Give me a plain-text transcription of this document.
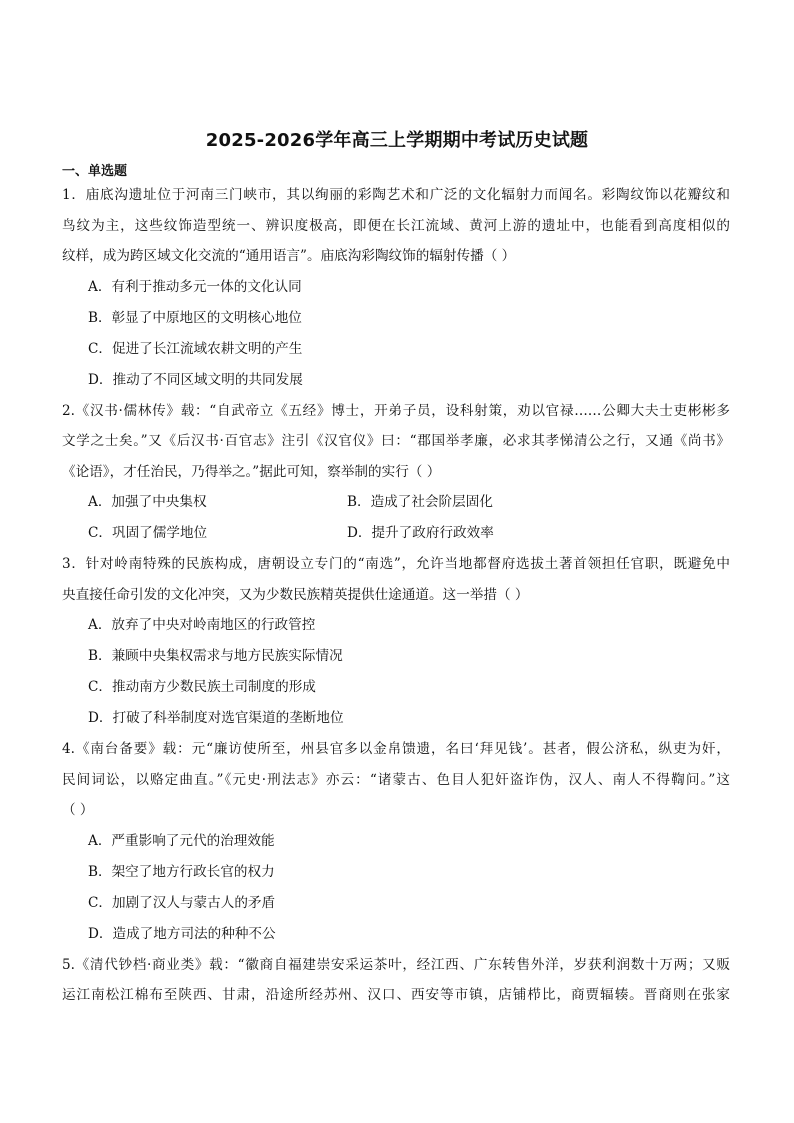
2025-2026学年高三上学期期中考试历史试题
一、单选题
1．庙底沟遗址位于河南三门峡市，其以绚丽的彩陶艺术和广泛的文化辐射力而闻名。彩陶纹饰以花瓣纹和
鸟纹为主，这些纹饰造型统一、辨识度极高，即便在长江流域、黄河上游的遗址中，也能看到高度相似的
纹样，成为跨区域文化交流的“通用语言”。庙底沟彩陶纹饰的辐射传播（ ）
A．有利于推动多元一体的文化认同
B．彰显了中原地区的文明核心地位
C．促进了长江流域农耕文明的产生
D．推动了不同区域文明的共同发展
2.《汉书·儒林传》载：“自武帝立《五经》博士，开弟子员，设科射策，劝以官禄……公卿大夫士吏彬彬多
文学之士矣。”又《后汉书·百官志》注引《汉官仪》曰：“郡国举孝廉，必求其孝悌清公之行，又通《尚书》
《论语》，才任治民，乃得举之。”据此可知，察举制的实行（ ）
A．加强了中央集权	B．造成了社会阶层固化
C．巩固了儒学地位	D．提升了政府行政效率
3．针对岭南特殊的民族构成，唐朝设立专门的“南选”，允许当地都督府选拔土著首领担任官职，既避免中
央直接任命引发的文化冲突，又为少数民族精英提供仕途通道。这一举措（ ）
A．放弃了中央对岭南地区的行政管控
B．兼顾中央集权需求与地方民族实际情况
C．推动南方少数民族土司制度的形成
D．打破了科举制度对选官渠道的垄断地位
4.《南台备要》载：元“廉访使所至，州县官多以金帛馈遗，名曰‘拜见钱’。甚者，假公济私，纵吏为奸，
民间词讼，以赂定曲直。”《元史·刑法志》亦云：“诸蒙古、色目人犯奸盗诈伪，汉人、南人不得鞫问。”这
（ ）
A．严重影响了元代的治理效能
B．架空了地方行政长官的权力
C．加剧了汉人与蒙古人的矛盾
D．造成了地方司法的种种不公
5.《清代钞档·商业类》载：“徽商自福建崇安采运茶叶，经江西、广东转售外洋，岁获利润数十万两；又贩
运江南松江棉布至陕西、甘肃，沿途所经苏州、汉口、西安等市镇，店铺栉比，商贾辐辏。晋商则在张家
